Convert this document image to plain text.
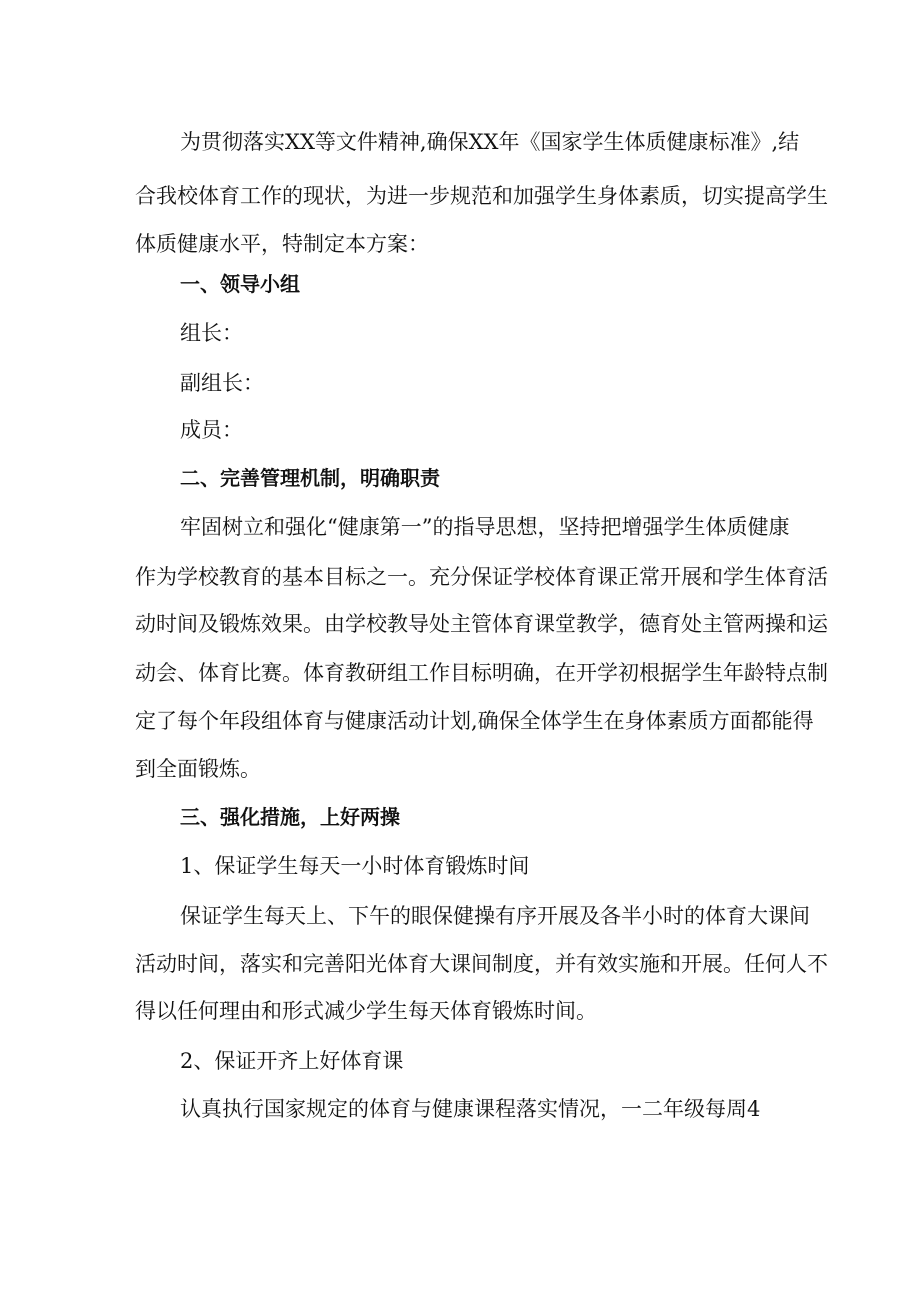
为贯彻落实XX等文件精神,确保XX年《国家学生体质健康标准》,结
合我校体育工作的现状，为进一步规范和加强学生身体素质，切实提高学生
体质健康水平，特制定本方案：
一、领导小组
组长：
副组长：
成员：
二、完善管理机制，明确职责
牢固树立和强化“健康第一”的指导思想，坚持把增强学生体质健康
作为学校教育的基本目标之一。充分保证学校体育课正常开展和学生体育活
动时间及锻炼效果。由学校教导处主管体育课堂教学，德育处主管两操和运
动会、体育比赛。体育教研组工作目标明确，在开学初根据学生年龄特点制
定了每个年段组体育与健康活动计划,确保全体学生在身体素质方面都能得
到全面锻炼。
三、强化措施，上好两操
1、保证学生每天一小时体育锻炼时间
保证学生每天上、下午的眼保健操有序开展及各半小时的体育大课间
活动时间，落实和完善阳光体育大课间制度，并有效实施和开展。任何人不
得以任何理由和形式减少学生每天体育锻炼时间。
2、保证开齐上好体育课
认真执行国家规定的体育与健康课程落实情况，一二年级每周4
